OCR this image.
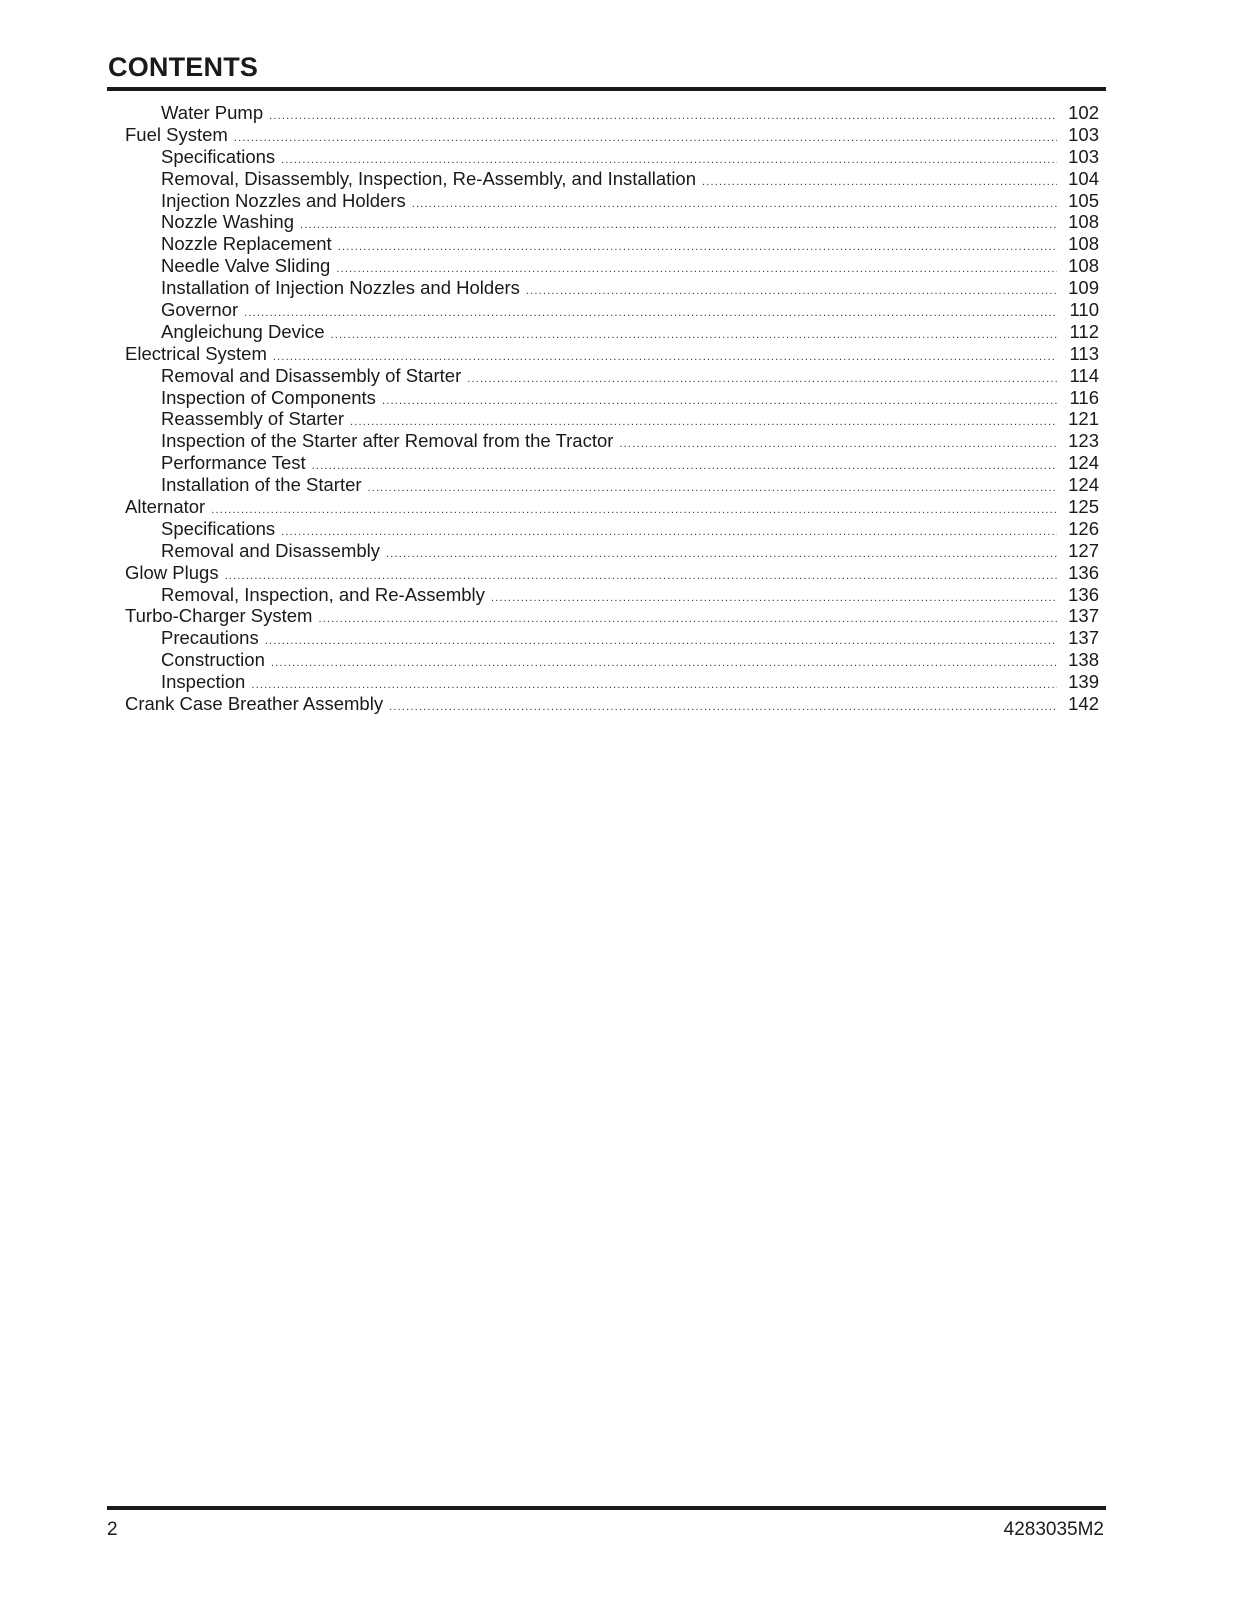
CONTENTS
Water Pump .....	102
Fuel System .....	103
Specifications .....	103
Removal, Disassembly, Inspection, Re-Assembly, and Installation .....	104
Injection Nozzles and Holders .....	105
Nozzle Washing .....	108
Nozzle Replacement .....	108
Needle Valve Sliding .....	108
Installation of Injection Nozzles and Holders .....	109
Governor .....	110
Angleichung Device .....	112
Electrical System .....	113
Removal and Disassembly of Starter .....	114
Inspection of Components .....	116
Reassembly of Starter .....	121
Inspection of the Starter after Removal from the Tractor .....	123
Performance Test .....	124
Installation of the Starter .....	124
Alternator .....	125
Specifications .....	126
Removal and Disassembly .....	127
Glow Plugs .....	136
Removal, Inspection, and Re-Assembly .....	136
Turbo-Charger System .....	137
Precautions .....	137
Construction .....	138
Inspection .....	139
Crank Case Breather Assembly .....	142
2	4283035M2
